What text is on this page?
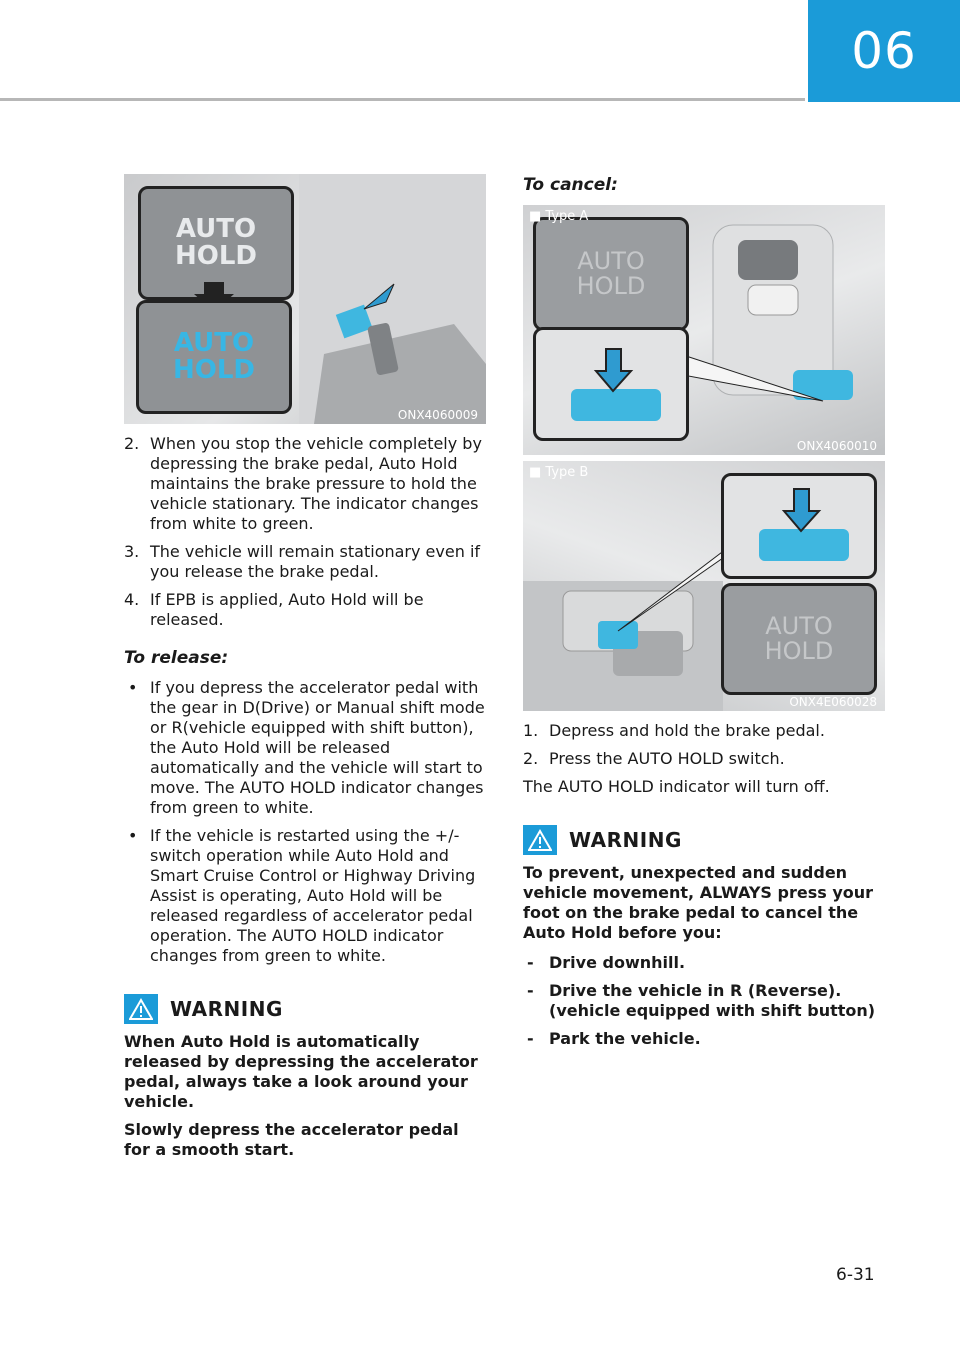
06
AUTO
HOLD
AUTO
HOLD
ONX4060009
2. When you stop the vehicle completely by depressing the brake pedal, Auto Hold maintains the brake pressure to hold the vehicle stationary. The indicator changes from white to green.
3. The vehicle will remain stationary even if you release the brake pedal.
4. If EPB is applied, Auto Hold will be released.
To release:
• If you depress the accelerator pedal with the gear in D(Drive) or Manual shift mode or R(vehicle equipped with shift button), the Auto Hold will be released automatically and the vehicle will start to move. The AUTO HOLD indicator changes from green to white.
• If the vehicle is restarted using the +/- switch operation while Auto Hold and Smart Cruise Control or Highway Driving Assist is operating, Auto Hold will be released regardless of accelerator pedal operation. The AUTO HOLD indicator changes from green to white.
WARNING
When Auto Hold is automatically released by depressing the accelerator pedal, always take a look around your vehicle.
Slowly depress the accelerator pedal for a smooth start.
To cancel:
AUTO
HOLD
■ Type A
ONX4060010
AUTO
HOLD
■ Type B
ONX4E060028
1. Depress and hold the brake pedal.
2. Press the AUTO HOLD switch.
The AUTO HOLD indicator will turn off.
WARNING
To prevent, unexpected and sudden vehicle movement, ALWAYS press your foot on the brake pedal to cancel the Auto Hold before you:
- Drive downhill.
- Drive the vehicle in R (Reverse). (vehicle equipped with shift button)
- Park the vehicle.
6-31
